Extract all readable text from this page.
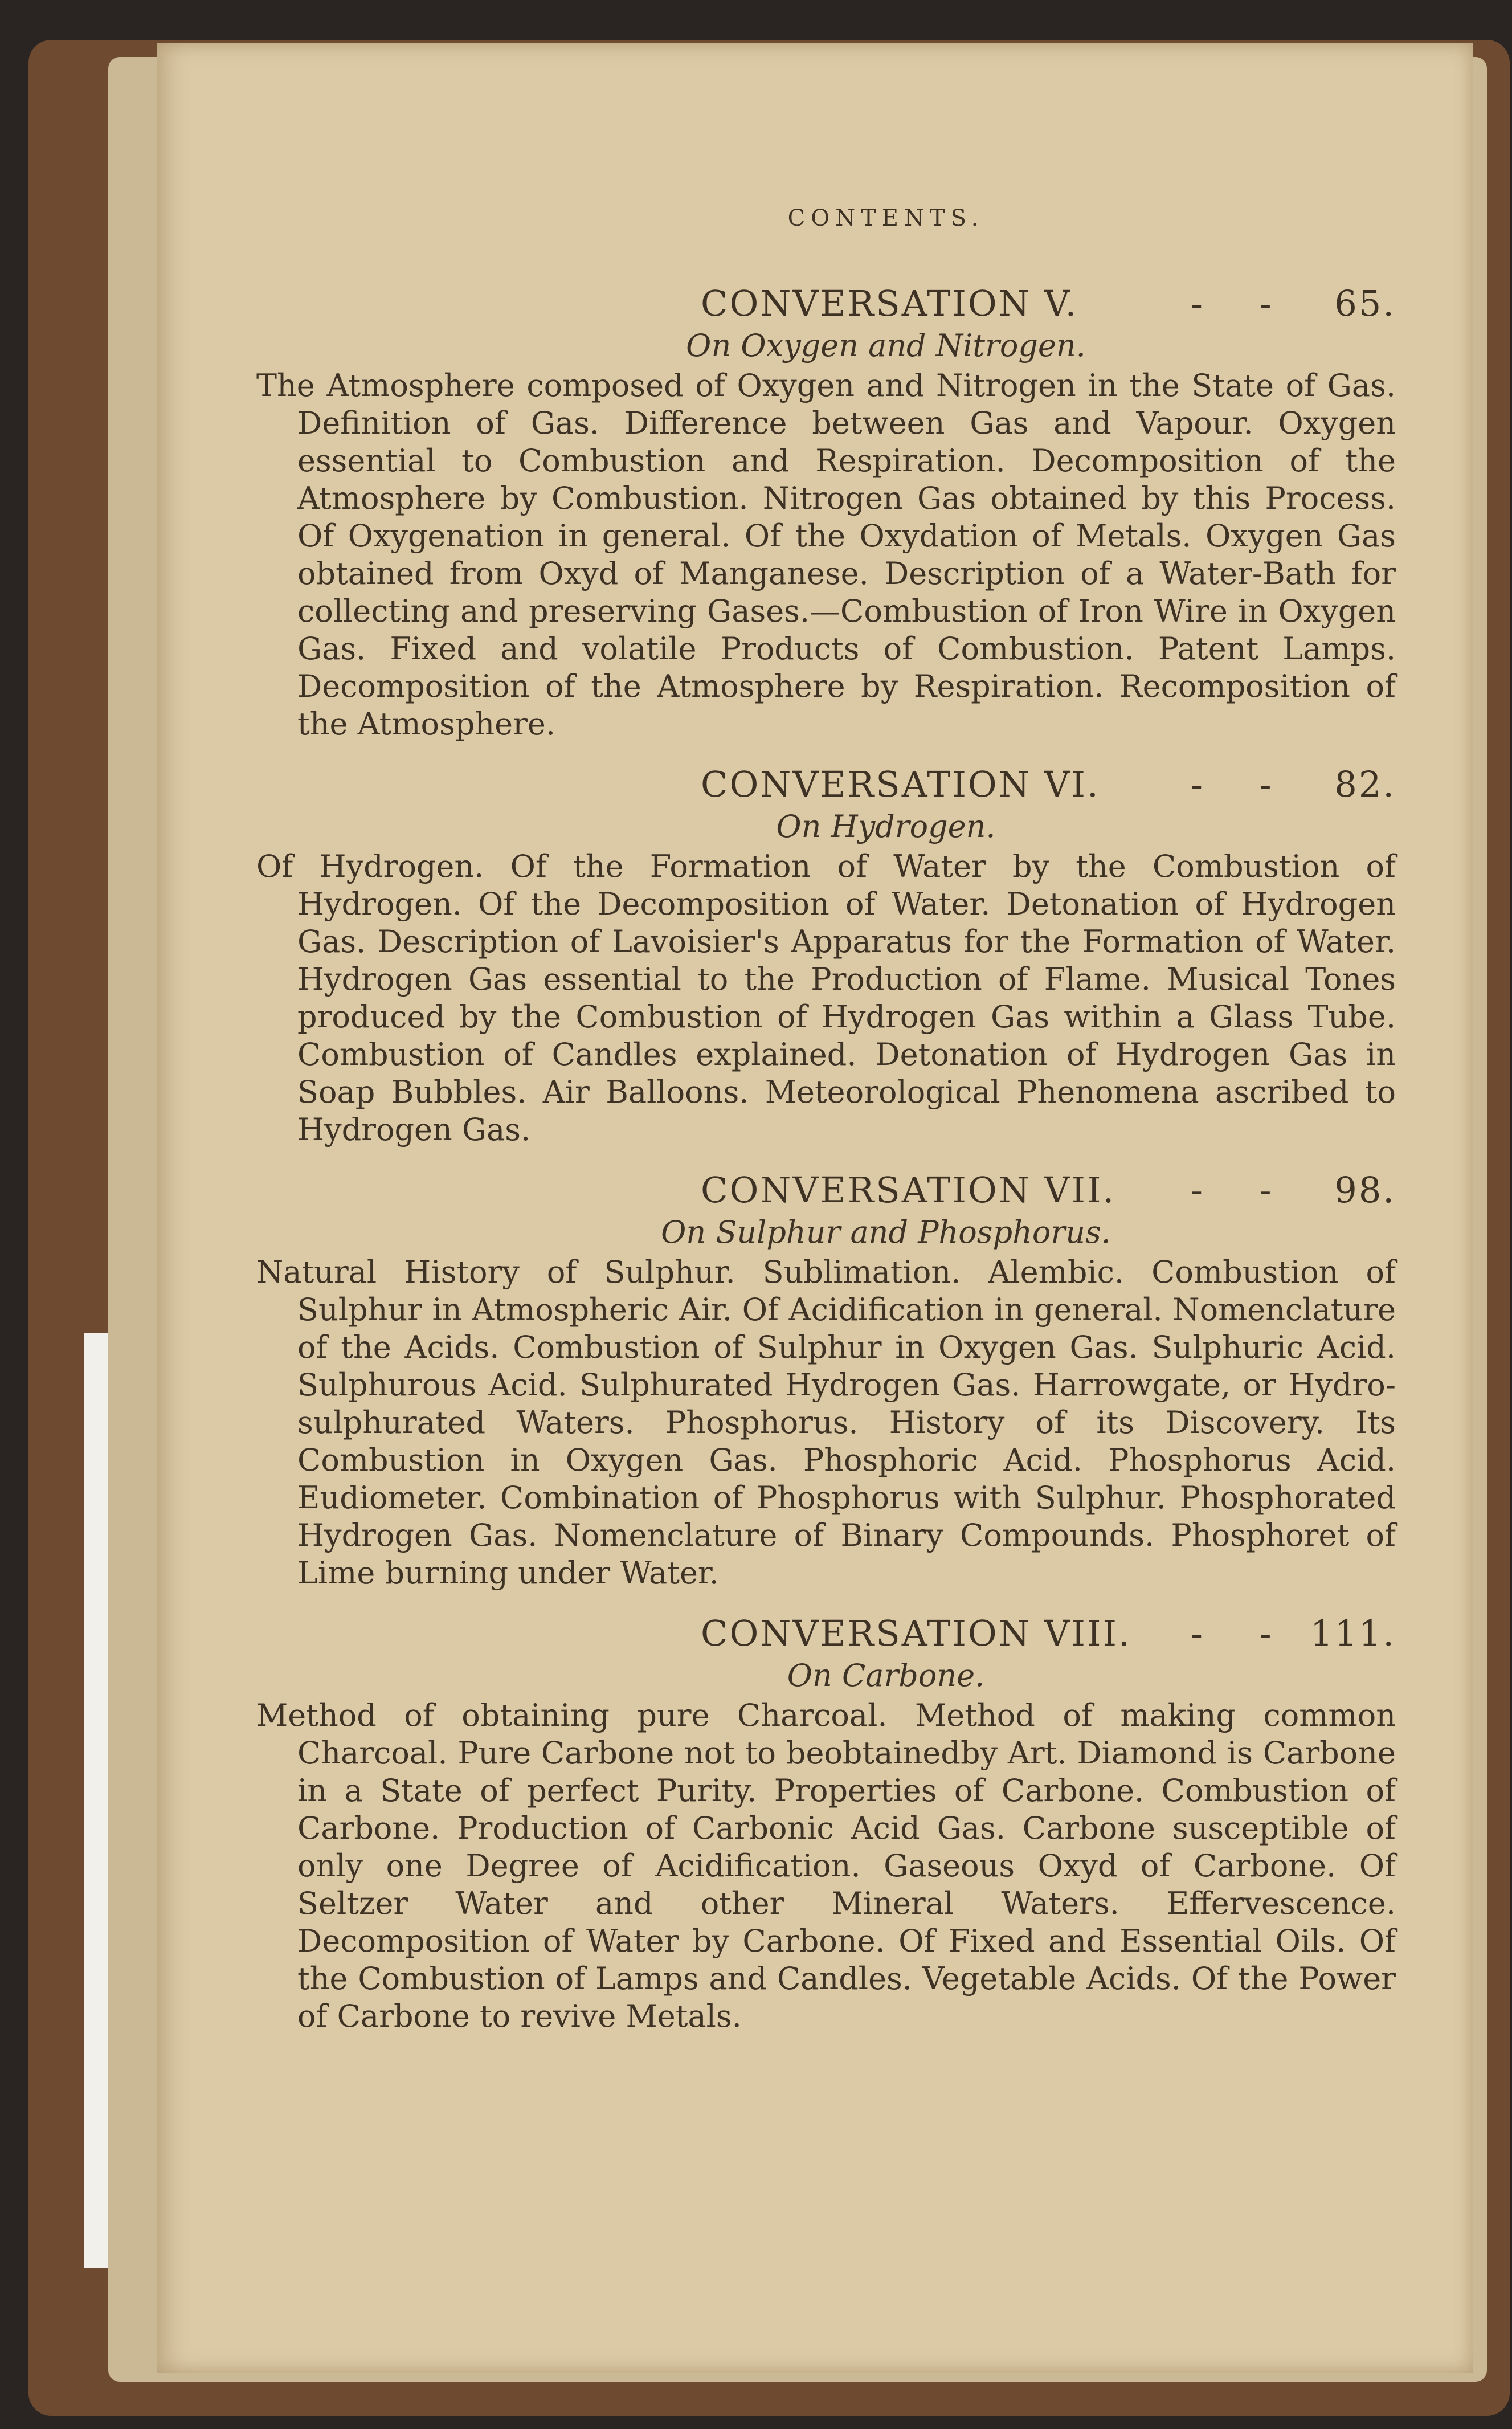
CONTENTS.
CONVERSATION V.	- - 65.
On Oxygen and Nitrogen.
The Atmosphere composed of Oxygen and Nitrogen in the State of Gas. Definition of Gas. Difference between Gas and Vapour. Oxygen essential to Combustion and Respiration. Decomposition of the Atmosphere by Combustion. Nitrogen Gas obtained by this Process. Of Oxygenation in general. Of the Oxydation of Metals. Oxygen Gas obtained from Oxyd of Manganese. Description of a Water-Bath for collecting and preserving Gases.—Combustion of Iron Wire in Oxygen Gas. Fixed and volatile Products of Combustion. Patent Lamps. Decomposition of the Atmosphere by Respiration. Recomposition of the Atmosphere.
CONVERSATION VI.	- - 82.
On Hydrogen.
Of Hydrogen. Of the Formation of Water by the Combustion of Hydrogen. Of the Decomposition of Water. Detonation of Hydrogen Gas. Description of Lavoisier's Apparatus for the Formation of Water. Hydrogen Gas essential to the Production of Flame. Musical Tones produced by the Combustion of Hydrogen Gas within a Glass Tube. Combustion of Candles explained. Detonation of Hydrogen Gas in Soap Bubbles. Air Balloons. Meteorological Phenomena ascribed to Hydrogen Gas.
CONVERSATION VII. - - 98.
On Sulphur and Phosphorus.
Natural History of Sulphur. Sublimation. Alembic. Combustion of Sulphur in Atmospheric Air. Of Acidification in general. Nomenclature of the Acids. Combustion of Sulphur in Oxygen Gas. Sulphuric Acid. Sulphurous Acid. Sulphurated Hydrogen Gas. Harrowgate, or Hydro-sulphurated Waters. Phosphorus. History of its Discovery. Its Combustion in Oxygen Gas. Phosphoric Acid. Phosphorus Acid. Eudiometer. Combination of Phosphorus with Sulphur. Phosphorated Hydrogen Gas. Nomenclature of Binary Compounds. Phosphoret of Lime burning under Water.
CONVERSATION VIII. - - 111.
On Carbone.
Method of obtaining pure Charcoal. Method of making common Charcoal. Pure Carbone not to beobtainedby Art. Diamond is Carbone in a State of perfect Purity. Properties of Carbone. Combustion of Carbone. Production of Carbonic Acid Gas. Carbone susceptible of only one Degree of Acidification. Gaseous Oxyd of Carbone. Of Seltzer Water and other Mineral Waters. Effervescence. Decomposition of Water by Carbone. Of Fixed and Essential Oils. Of the Combustion of Lamps and Candles. Vegetable Acids. Of the Power of Carbone to revive Metals.
